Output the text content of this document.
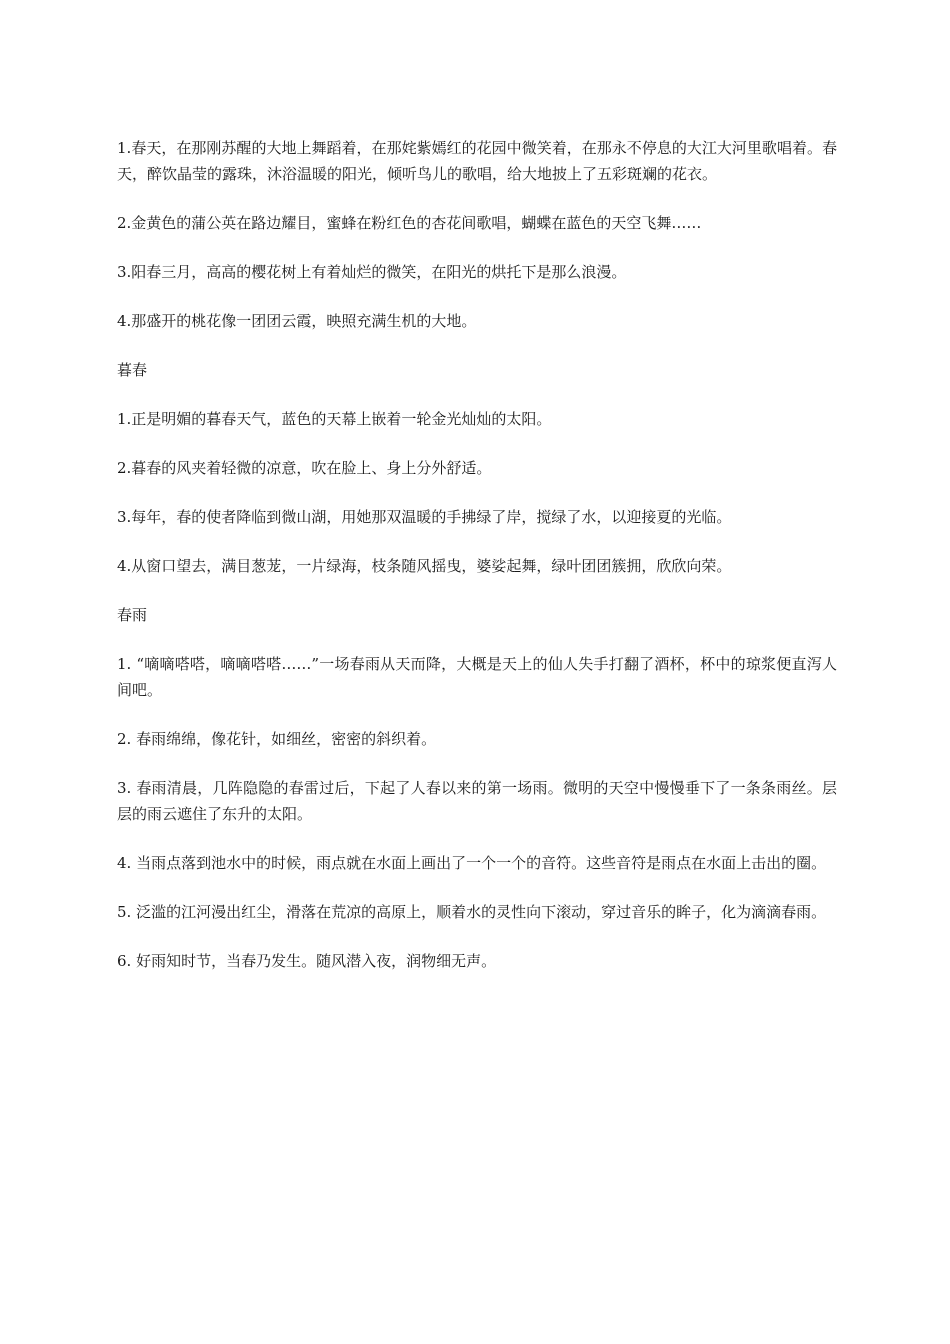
1.春天，在那刚苏醒的大地上舞蹈着，在那姹紫嫣红的花园中微笑着，在那永不停息的大江大河里歌唱着。春天，醉饮晶莹的露珠，沐浴温暖的阳光，倾听鸟儿的歌唱，给大地披上了五彩斑斓的花衣。

2.金黄色的蒲公英在路边耀目，蜜蜂在粉红色的杏花间歌唱，蝴蝶在蓝色的天空飞舞……

3.阳春三月，高高的樱花树上有着灿烂的微笑，在阳光的烘托下是那么浪漫。

4.那盛开的桃花像一团团云霞，映照充满生机的大地。

暮春

1.正是明媚的暮春天气，蓝色的天幕上嵌着一轮金光灿灿的太阳。

2.暮春的风夹着轻微的凉意，吹在脸上、身上分外舒适。

3.每年，春的使者降临到微山湖，用她那双温暖的手拂绿了岸，搅绿了水，以迎接夏的光临。

4.从窗口望去，满目葱茏，一片绿海，枝条随风摇曳，婆娑起舞，绿叶团团簇拥，欣欣向荣。

春雨

1. “嘀嘀嗒嗒，嘀嘀嗒嗒……”一场春雨从天而降，大概是天上的仙人失手打翻了酒杯，杯中的琼浆便直泻人间吧。

2. 春雨绵绵，像花针，如细丝，密密的斜织着。

3. 春雨清晨，几阵隐隐的春雷过后，下起了人春以来的第一场雨。微明的天空中慢慢垂下了一条条雨丝。层层的雨云遮住了东升的太阳。

4. 当雨点落到池水中的时候，雨点就在水面上画出了一个一个的音符。这些音符是雨点在水面上击出的圈。

5. 泛滥的江河漫出红尘，滑落在荒凉的高原上，顺着水的灵性向下滚动，穿过音乐的眸子，化为滴滴春雨。

6. 好雨知时节，当春乃发生。随风潜入夜，润物细无声。
